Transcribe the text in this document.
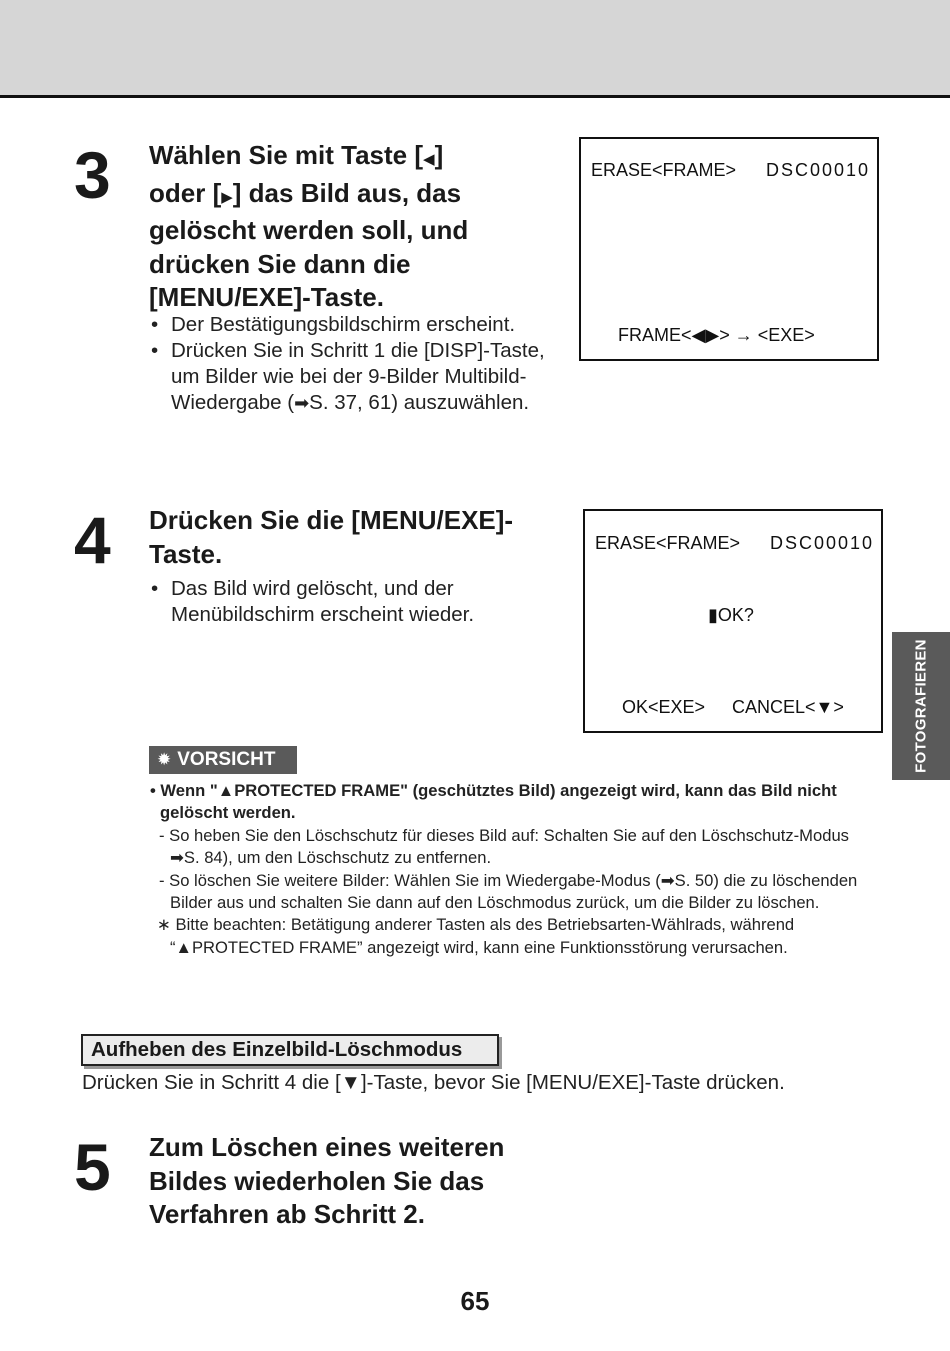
3 Wählen Sie mit Taste [◀]
oder [▶] das Bild aus, das
gelöscht werden soll, und
drücken Sie dann die
[MENU/EXE]-Taste.
• Der Bestätigungsbildschirm erscheint.
• Drücken Sie in Schritt 1 die [DISP]-Taste, um Bilder wie bei der 9-Bilder Multibild-Wiedergabe (➡S. 37, 61) auszuwählen.
ERASE<FRAME> DSC00010
FRAME<◀▶> → <EXE>
4 Drücken Sie die [MENU/EXE]-
Taste.
• Das Bild wird gelöscht, und der Menübildschirm erscheint wieder.
ERASE<FRAME> DSC00010
▮OK?
OK<EXE> CANCEL<▼>	FOTOGRAFIEREN
✹ VORSICHT
• Wenn "▲PROTECTED FRAME" (geschütztes Bild) angezeigt wird, kann das Bild nicht gelöscht werden.
- So heben Sie den Löschschutz für dieses Bild auf: Schalten Sie auf den Löschschutz-Modus ➡S. 84), um den Löschschutz zu entfernen.
- So löschen Sie weitere Bilder: Wählen Sie im Wiedergabe-Modus (➡S. 50) die zu löschenden Bilder aus und schalten Sie dann auf den Löschmodus zurück, um die Bilder zu löschen.
∗ Bitte beachten: Betätigung anderer Tasten als des Betriebsarten-Wählrads, während “▲PROTECTED FRAME” angezeigt wird, kann eine Funktionsstörung verursachen.
Aufheben des Einzelbild-Löschmodus
Drücken Sie in Schritt 4 die [▼]-Taste, bevor Sie [MENU/EXE]-Taste drücken.
5 Zum Löschen eines weiteren
Bildes wiederholen Sie das
Verfahren ab Schritt 2.
65
